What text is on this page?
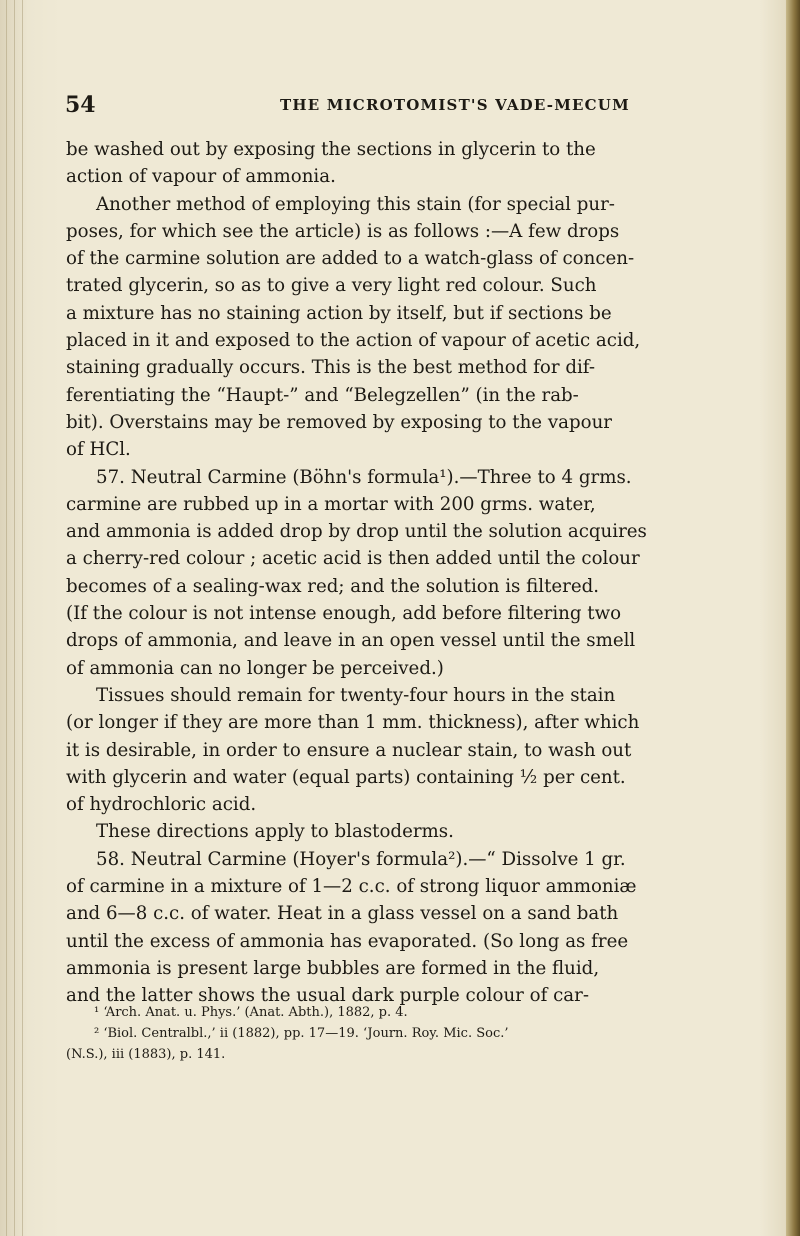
54	THE MICROTOMIST'S VADE-MECUM
be washed out by exposing the sections in glycerin to the
action of vapour of ammonia.
Another method of employing this stain (for special pur-
poses, for which see the article) is as follows :—A few drops
of the carmine solution are added to a watch-glass of concen-
trated glycerin, so as to give a very light red colour. Such
a mixture has no staining action by itself, but if sections be
placed in it and exposed to the action of vapour of acetic acid,
staining gradually occurs. This is the best method for dif-
ferentiating the “Haupt-” and “Belegzellen” (in the rab-
bit). Overstains may be removed by exposing to the vapour
of HCl.
57. Neutral Carmine (Böhn's formula¹).—Three to 4 grms.
carmine are rubbed up in a mortar with 200 grms. water,
and ammonia is added drop by drop until the solution acquires
a cherry-red colour ; acetic acid is then added until the colour
becomes of a sealing-wax red; and the solution is filtered.
(If the colour is not intense enough, add before filtering two
drops of ammonia, and leave in an open vessel until the smell
of ammonia can no longer be perceived.)
Tissues should remain for twenty-four hours in the stain
(or longer if they are more than 1 mm. thickness), after which
it is desirable, in order to ensure a nuclear stain, to wash out
with glycerin and water (equal parts) containing ½ per cent.
of hydrochloric acid.
These directions apply to blastoderms.
58. Neutral Carmine (Hoyer's formula²).—“ Dissolve 1 gr.
of carmine in a mixture of 1—2 c.c. of strong liquor ammoniæ
and 6—8 c.c. of water. Heat in a glass vessel on a sand bath
until the excess of ammonia has evaporated. (So long as free
ammonia is present large bubbles are formed in the fluid,
and the latter shows the usual dark purple colour of car-
¹ ‘Arch. Anat. u. Phys.’ (Anat. Abth.), 1882, p. 4.
² ‘Biol. Centralbl.,’ ii (1882), pp. 17—19. ‘Journ. Roy. Mic. Soc.’
(N.S.), iii (1883), p. 141.
